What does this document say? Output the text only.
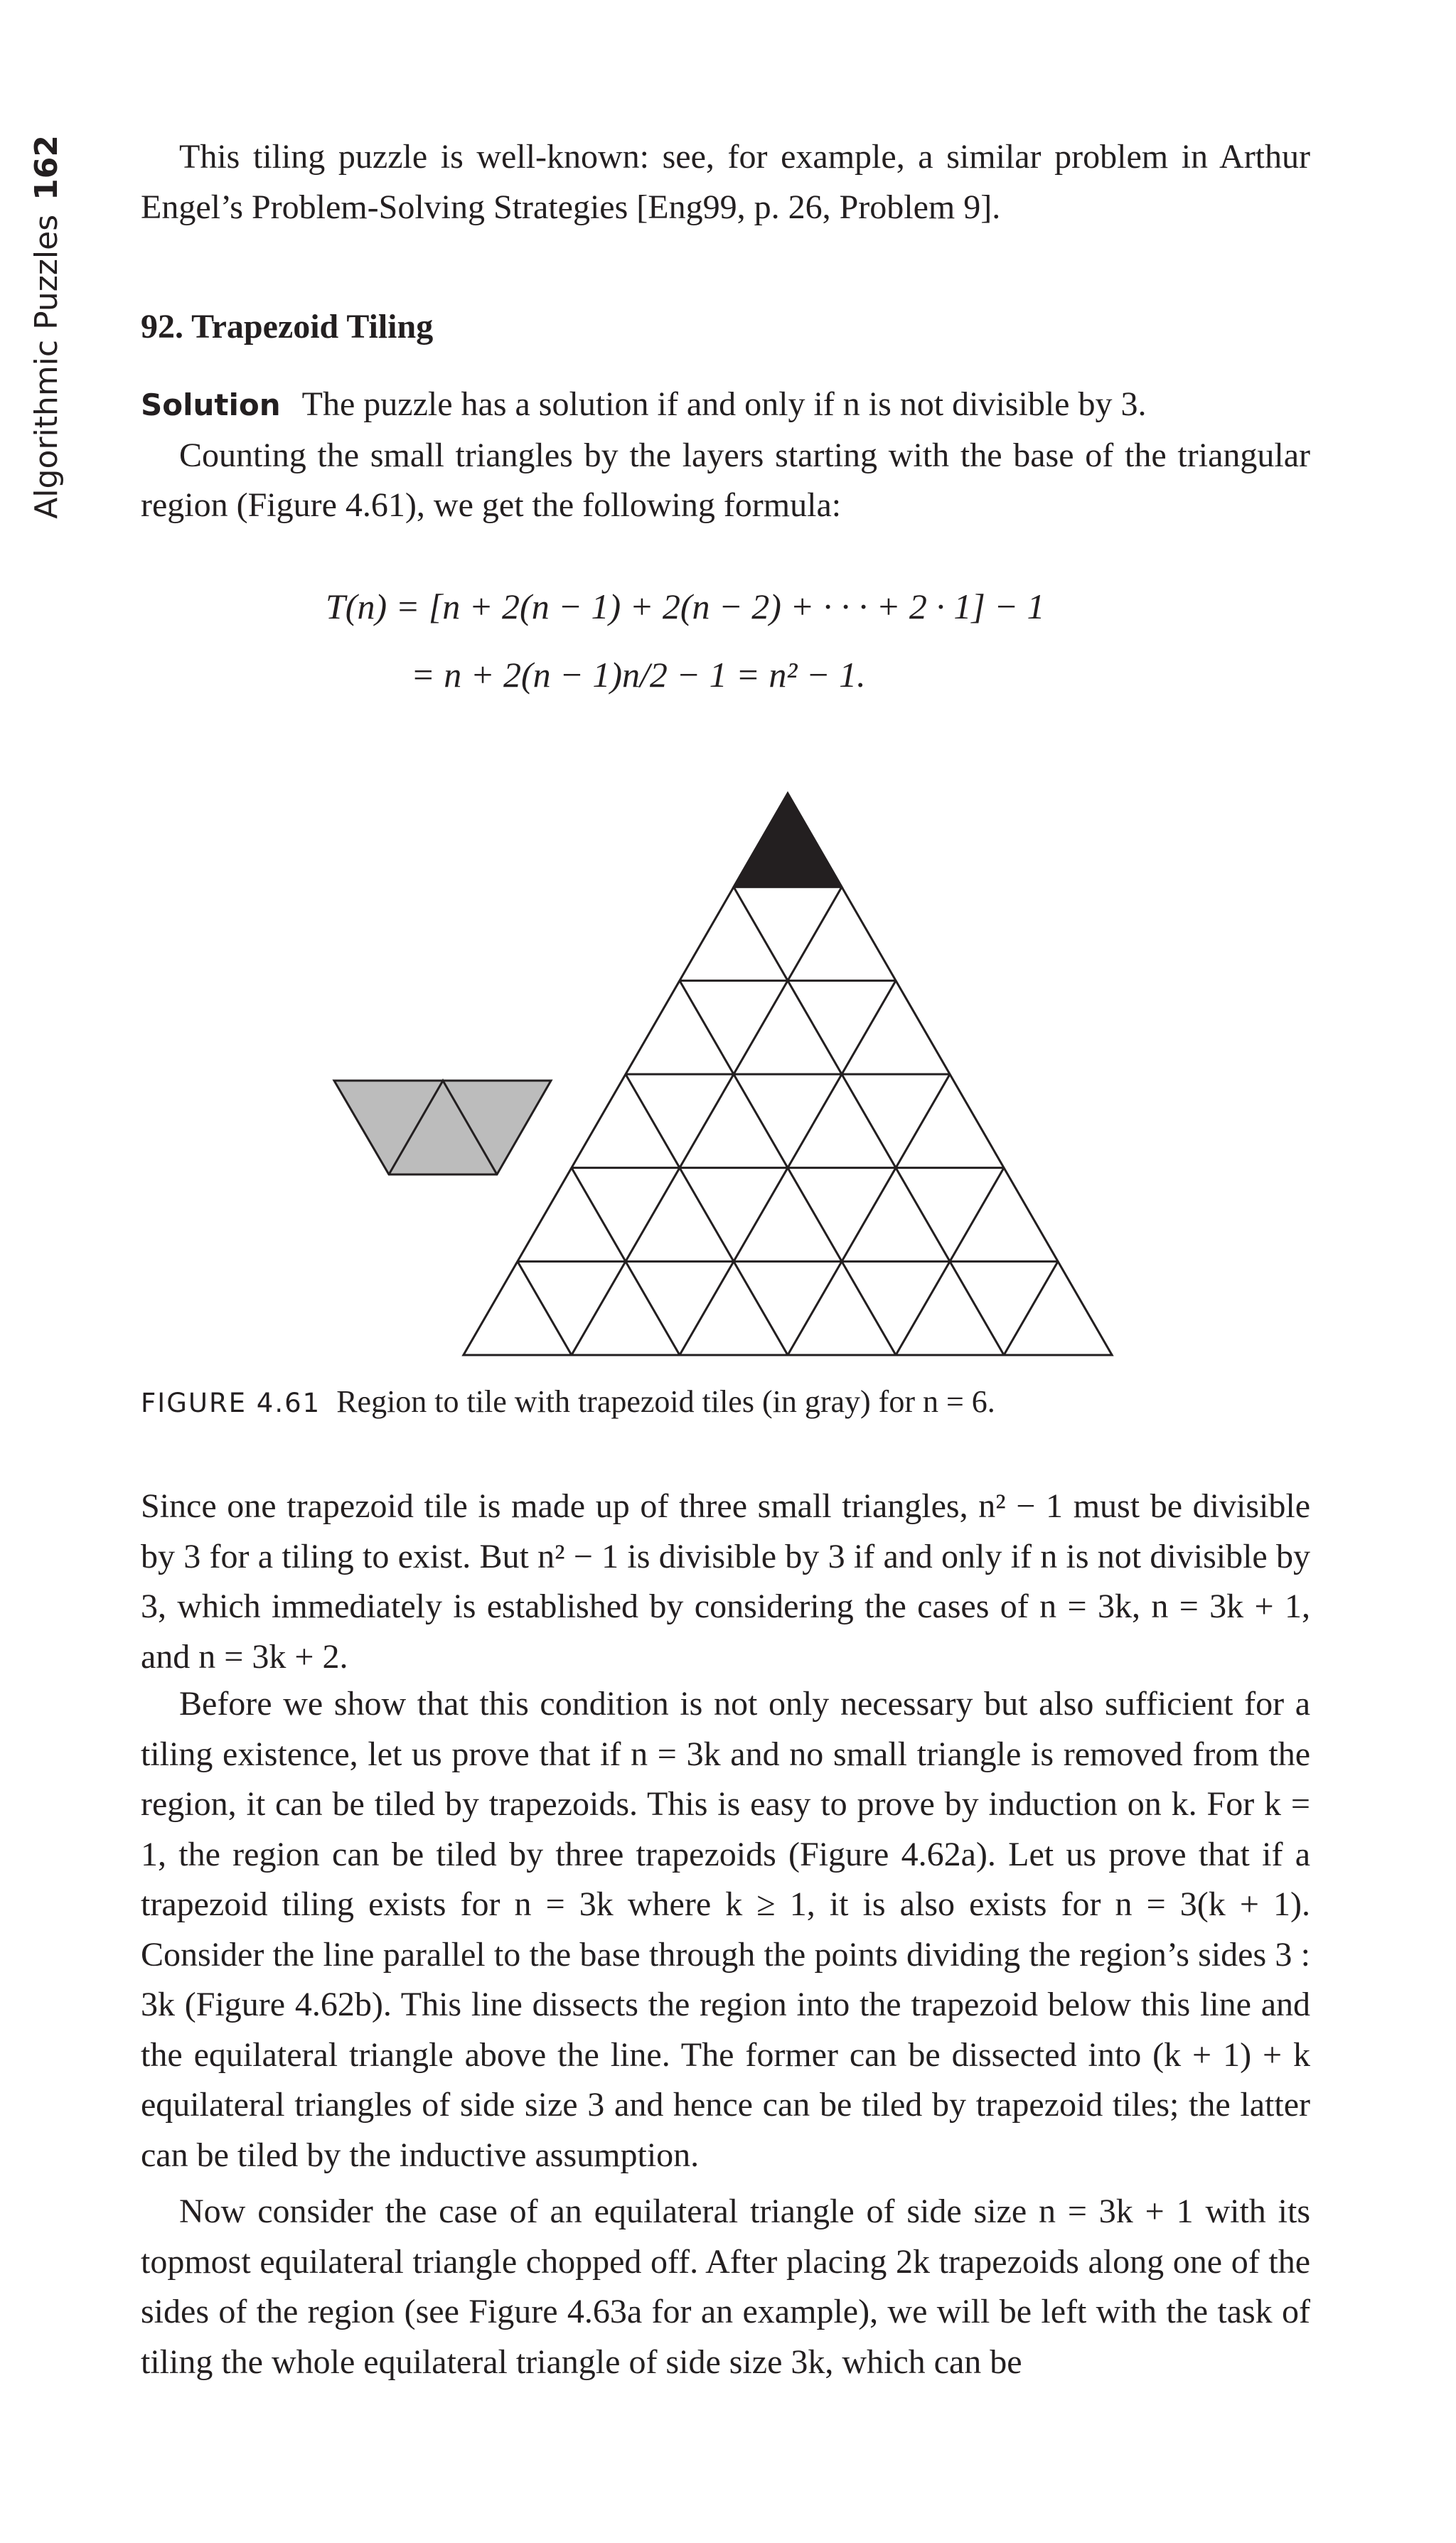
Algorithmic Puzzles162	This tiling puzzle is well-known: see, for example, a similar problem in Arthur Engel’s Problem-Solving Strategies [Eng99, p. 26, Problem 9].

92. Trapezoid Tiling

Solution The puzzle has a solution if and only if n is not divisible by 3.

Counting the small triangles by the layers starting with the base of the triangular region (Figure 4.61), we get the following formula:

T(n) = [n + 2(n − 1) + 2(n − 2) + · · · + 2 · 1] − 1
= n + 2(n − 1)n/2 − 1 = n² − 1.
FIGURE 4.61 Region to tile with trapezoid tiles (in gray) for n = 6.

Since one trapezoid tile is made up of three small triangles, n² − 1 must be divisible by 3 for a tiling to exist. But n² − 1 is divisible by 3 if and only if n is not divisible by 3, which immediately is established by considering the cases of n = 3k, n = 3k + 1, and n = 3k + 2.

Before we show that this condition is not only necessary but also sufficient for a tiling existence, let us prove that if n = 3k and no small triangle is removed from the region, it can be tiled by trapezoids. This is easy to prove by induction on k. For k = 1, the region can be tiled by three trapezoids (Figure 4.62a). Let us prove that if a trapezoid tiling exists for n = 3k where k ≥ 1, it is also exists for n = 3(k + 1). Consider the line parallel to the base through the points dividing the region’s sides 3 : 3k (Figure 4.62b). This line dissects the region into the trapezoid below this line and the equilateral triangle above the line. The former can be dissected into (k + 1) + k equilateral triangles of side size 3 and hence can be tiled by trapezoid tiles; the latter can be tiled by the inductive assumption.

Now consider the case of an equilateral triangle of side size n = 3k + 1 with its topmost equilateral triangle chopped off. After placing 2k trapezoids along one of the sides of the region (see Figure 4.63a for an example), we will be left with the task of tiling the whole equilateral triangle of side size 3k, which can be
